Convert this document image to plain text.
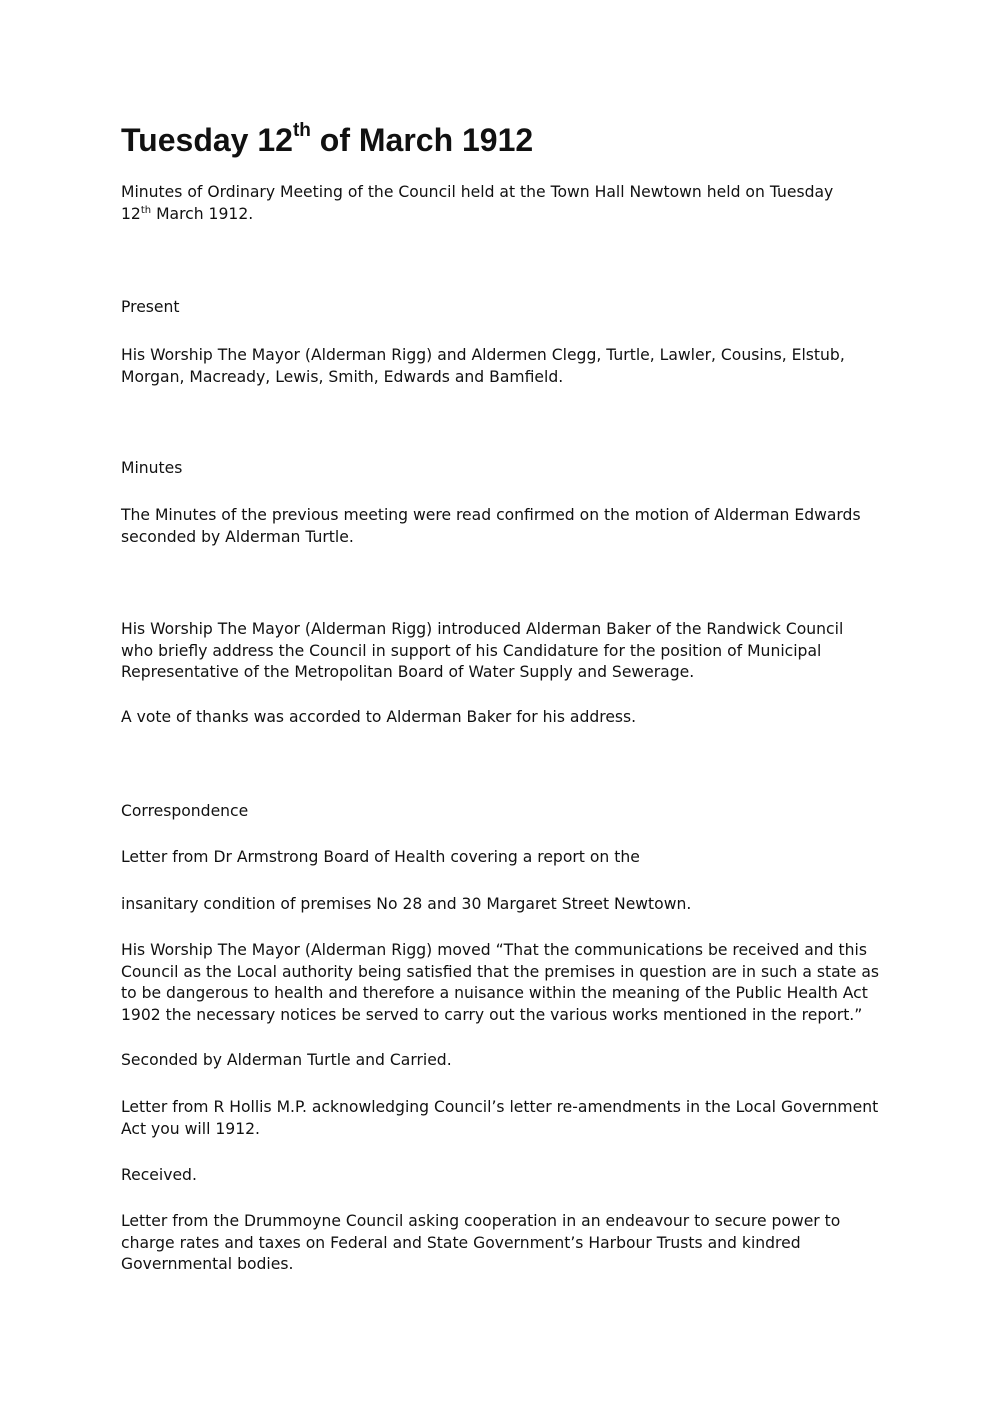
Tuesday 12th of March 1912

Minutes of Ordinary Meeting of the Council held at the Town Hall Newtown held on Tuesday
12th March 1912.

Present

His Worship The Mayor (Alderman Rigg) and Aldermen Clegg, Turtle, Lawler, Cousins, Elstub,
Morgan, Macready, Lewis, Smith, Edwards and Bamfield.

Minutes

The Minutes of the previous meeting were read confirmed on the motion of Alderman Edwards
seconded by Alderman Turtle.

His Worship The Mayor (Alderman Rigg) introduced Alderman Baker of the Randwick Council
who briefly address the Council in support of his Candidature for the position of Municipal
Representative of the Metropolitan Board of Water Supply and Sewerage.

A vote of thanks was accorded to Alderman Baker for his address.

Correspondence

Letter from Dr Armstrong Board of Health covering a report on the

insanitary condition of premises No 28 and 30 Margaret Street Newtown.

His Worship The Mayor (Alderman Rigg) moved “That the communications be received and this
Council as the Local authority being satisfied that the premises in question are in such a state as
to be dangerous to health and therefore a nuisance within the meaning of the Public Health Act
1902 the necessary notices be served to carry out the various works mentioned in the report.”

Seconded by Alderman Turtle and Carried.

Letter from R Hollis M.P. acknowledging Council’s letter re-amendments in the Local Government
Act you will 1912.

Received.

Letter from the Drummoyne Council asking cooperation in an endeavour to secure power to
charge rates and taxes on Federal and State Government’s Harbour Trusts and kindred
Governmental bodies.
